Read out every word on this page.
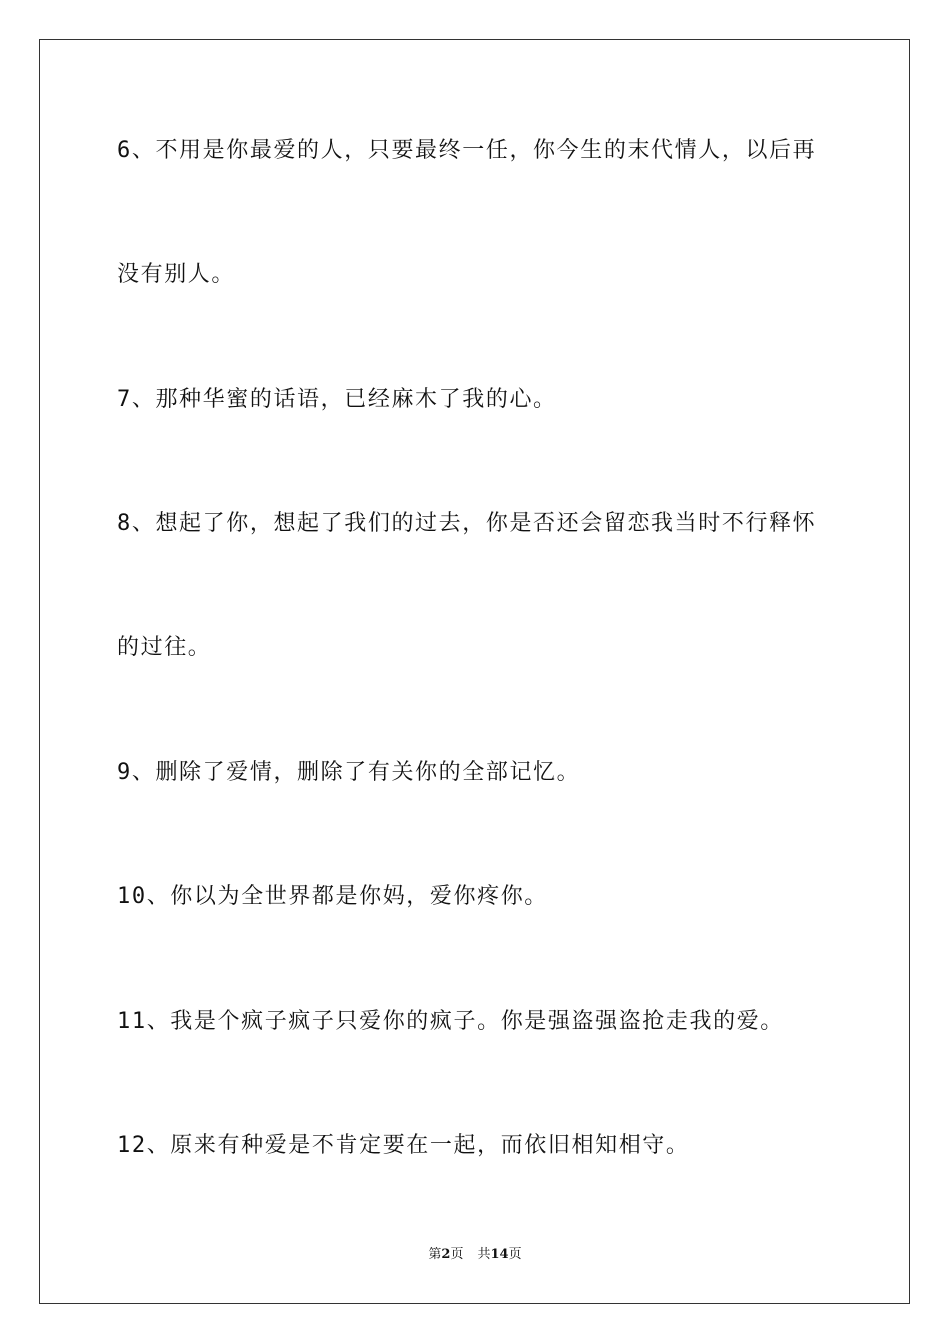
6、不用是你最爱的人，只要最终一任，你今生的末代情人，以后再

没有别人。

7、那种华蜜的话语，已经麻木了我的心。

8、想起了你，想起了我们的过去，你是否还会留恋我当时不行释怀

的过往。

9、删除了爱情，删除了有关你的全部记忆。

10、你以为全世界都是你妈，爱你疼你。

11、我是个疯子疯子只爱你的疯子。你是强盗强盗抢走我的爱。

12、原来有种爱是不肯定要在一起，而依旧相知相守。

第2页 共14页
